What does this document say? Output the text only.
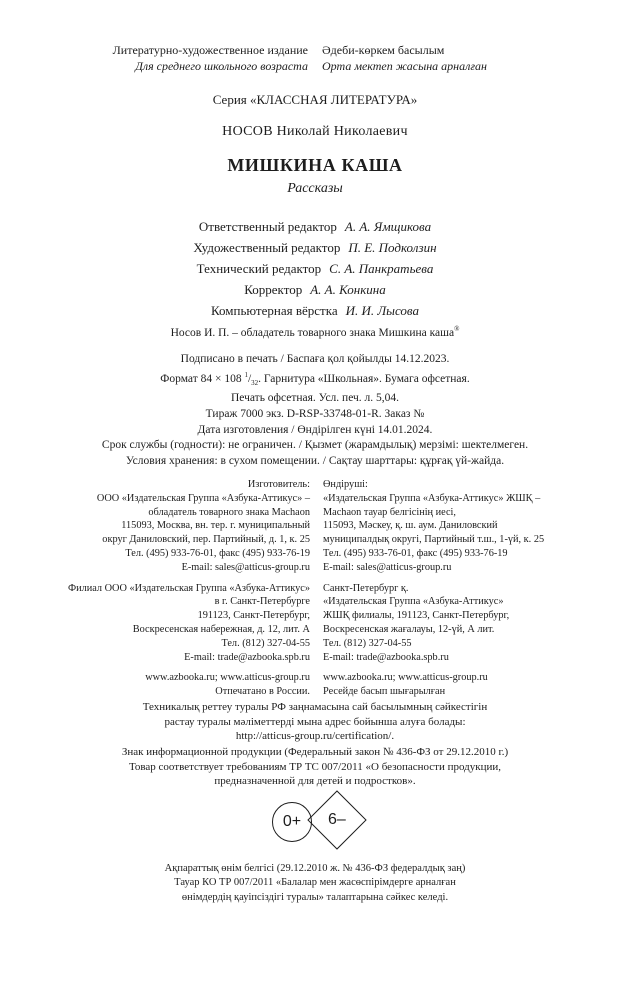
Литературно-художественное издание
Для среднего школьного возраста
Әдеби-көркем басылым
Орта мектеп жасына арналған
Серия «КЛАССНАЯ ЛИТЕРАТУРА»
НОСОВ Николай Николаевич
МИШКИНА КАША
Рассказы
Ответственный редактор А. А. Ямщикова
Художественный редактор П. Е. Подколзин
Технический редактор С. А. Панкратьева
Корректор А. А. Конкина
Компьютерная вёрстка И. И. Лысова
Носов И. П. – обладатель товарного знака Мишкина каша®
Подписано в печать / Баспаға қол қойылды 14.12.2023.
Формат 84 × 108 $^1/_{32}$. Гарнитура «Школьная». Бумага офсетная.
Печать офсетная. Усл. печ. л. 5,04.
Тираж 7000 экз. D-RSP-33748-01-R. Заказ №
Дата изготовления / Өндірілген күні 14.01.2024.
Срок службы (годности): не ограничен. / Қызмет (жарамдылық) мерзімі: шектелмеген.
Условия хранения: в сухом помещении. / Сақтау шарттары: құрғақ үй-жайда.
Изготовитель:
ООО «Издательская Группа «Азбука-Аттикус» –
обладатель товарного знака Machaon
115093, Москва, вн. тер. г. муниципальный
округ Даниловский, пер. Партийный, д. 1, к. 25
Тел. (495) 933-76-01, факс (495) 933-76-19
E-mail: sales@atticus-group.ru
Филиал ООО «Издательская Группа «Азбука-Аттикус»
в г. Санкт-Петербурге
191123, Санкт-Петербург,
Воскресенская набережная, д. 12, лит. А
Тел. (812) 327-04-55
E-mail: trade@azbooka.spb.ru
www.azbooka.ru; www.atticus-group.ru
Отпечатано в России.
Өндіруші:
«Издательская Группа «Азбука-Аттикус» ЖШҚ –
Machaon тауар белгісінің иесі,
115093, Мәскеу, қ. ш. аум. Даниловский
муниципалдық округі, Партийный т.ш., 1-үй, к. 25
Тел. (495) 933-76-01, факс (495) 933-76-19
E-mail: sales@atticus-group.ru
Санкт-Петербург қ.
«Издательская Группа «Азбука-Аттикус»
ЖШҚ филиалы, 191123, Санкт-Петербург,
Воскресенская жағалауы, 12-үй, А лит.
Тел. (812) 327-04-55
E-mail: trade@azbooka.spb.ru
www.azbooka.ru; www.atticus-group.ru
Ресейде басып шығарылған
Техникалық реттеу туралы РФ заңнамасына сай басылымның сәйкестігін
растау туралы мәліметтерді мына адрес бойынша алуға болады:
http://atticus-group.ru/certification/.
Знак информационной продукции (Федеральный закон № 436-ФЗ от 29.12.2010 г.)
Товар соответствует требованиям ТР ТС 007/2011 «О безопасности продукции,
предназначенной для детей и подростков».
0+ 6–
Ақпараттық өнім белгісі (29.12.2010 ж. № 436-ФЗ федералдық заң)
Тауар КО ТР 007/2011 «Балалар мен жасөспірімдерге арналған
өнімдердің қауіпсіздігі туралы» талаптарына сәйкес келеді.
